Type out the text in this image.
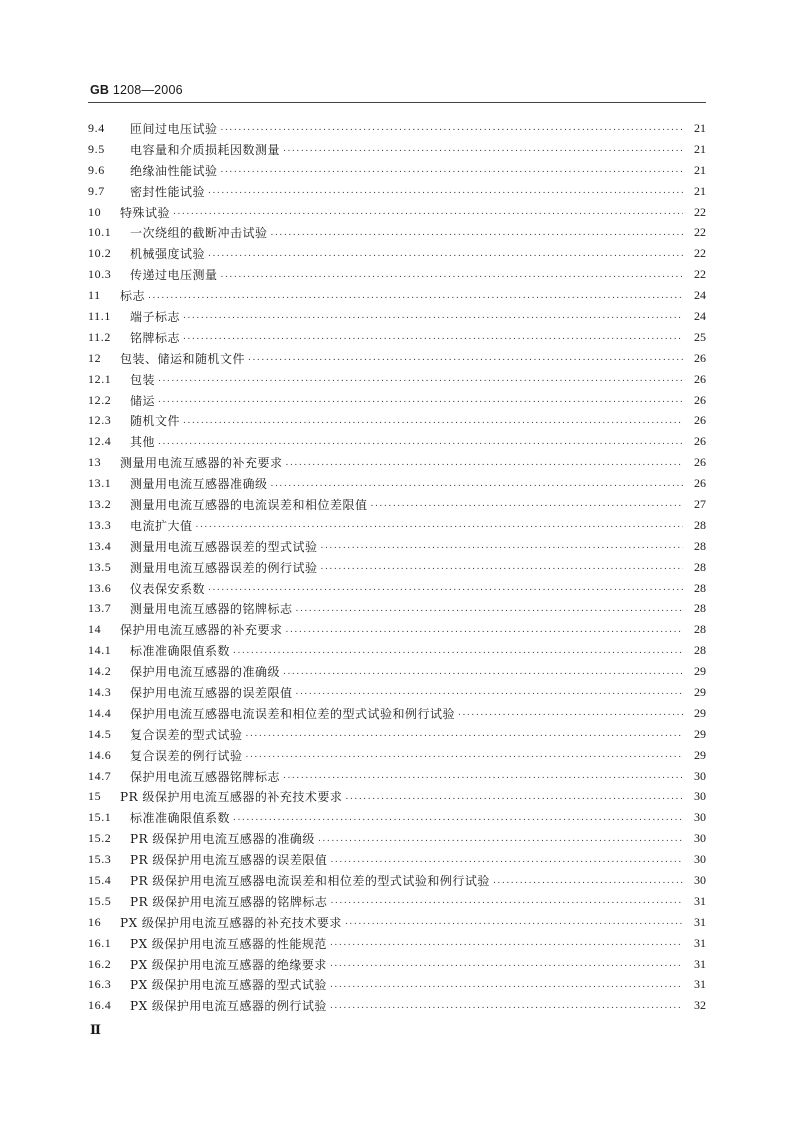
GB 1208—2006
9.4	匝间过电压试验 .....	21
9.5	电容量和介质损耗因数测量 .....	21
9.6	绝缘油性能试验 .....	21
9.7	密封性能试验 .....	21
10	特殊试验 .....	22
10.1	一次绕组的截断冲击试验 .....	22
10.2	机械强度试验 .....	22
10.3	传递过电压测量 .....	22
11	标志 .....	24
11.1	端子标志 .....	24
11.2	铭牌标志 .....	25
12	包装、储运和随机文件 .....	26
12.1	包装 .....	26
12.2	储运 .....	26
12.3	随机文件 .....	26
12.4	其他 .....	26
13	测量用电流互感器的补充要求 .....	26
13.1	测量用电流互感器准确级 .....	26
13.2	测量用电流互感器的电流误差和相位差限值 .....	27
13.3	电流扩大值 .....	28
13.4	测量用电流互感器误差的型式试验 .....	28
13.5	测量用电流互感器误差的例行试验 .....	28
13.6	仪表保安系数 .....	28
13.7	测量用电流互感器的铭牌标志 .....	28
14	保护用电流互感器的补充要求 .....	28
14.1	标准准确限值系数 .....	28
14.2	保护用电流互感器的准确级 .....	29
14.3	保护用电流互感器的误差限值 .....	29
14.4	保护用电流互感器电流误差和相位差的型式试验和例行试验 .....	29
14.5	复合误差的型式试验 .....	29
14.6	复合误差的例行试验 .....	29
14.7	保护用电流互感器铭牌标志 .....	30
15	PR 级保护用电流互感器的补充技术要求 .....	30
15.1	标准准确限值系数 .....	30
15.2	PR 级保护用电流互感器的准确级 .....	30
15.3	PR 级保护用电流互感器的误差限值 .....	30
15.4	PR 级保护用电流互感器电流误差和相位差的型式试验和例行试验 .....	30
15.5	PR 级保护用电流互感器的铭牌标志 .....	31
16	PX 级保护用电流互感器的补充技术要求 .....	31
16.1	PX 级保护用电流互感器的性能规范 .....	31
16.2	PX 级保护用电流互感器的绝缘要求 .....	31
16.3	PX 级保护用电流互感器的型式试验 .....	31
16.4	PX 级保护用电流互感器的例行试验 .....	32
Ⅱ
